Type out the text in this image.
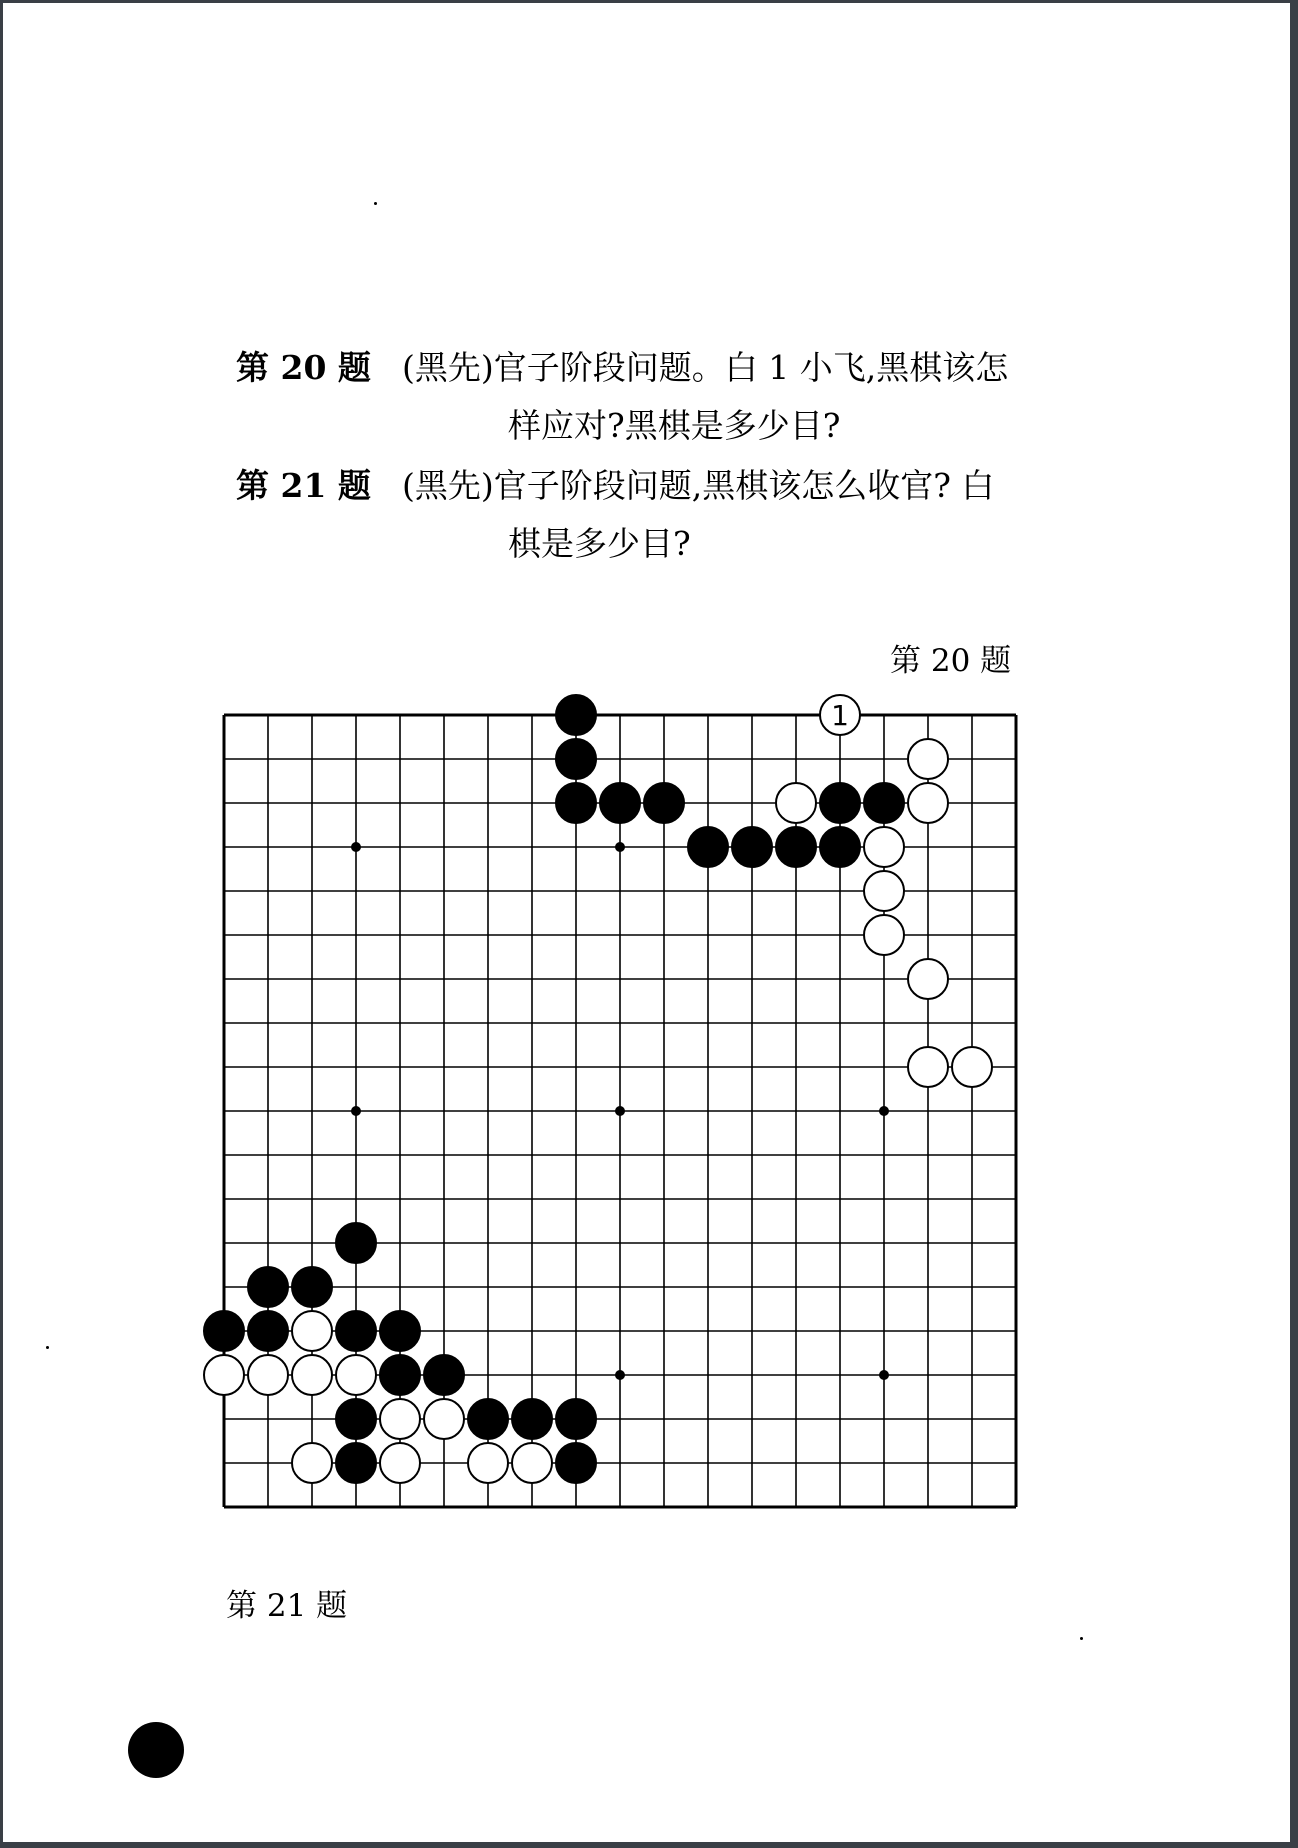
第 20 题 (黑先)官子阶段问题。白 1 小飞,黑棋该怎
样应对?黑棋是多少目?
第 21 题 (黑先)官子阶段问题,黑棋该怎么收官? 白
棋是多少目?
第 20 题
第 21 题
1
